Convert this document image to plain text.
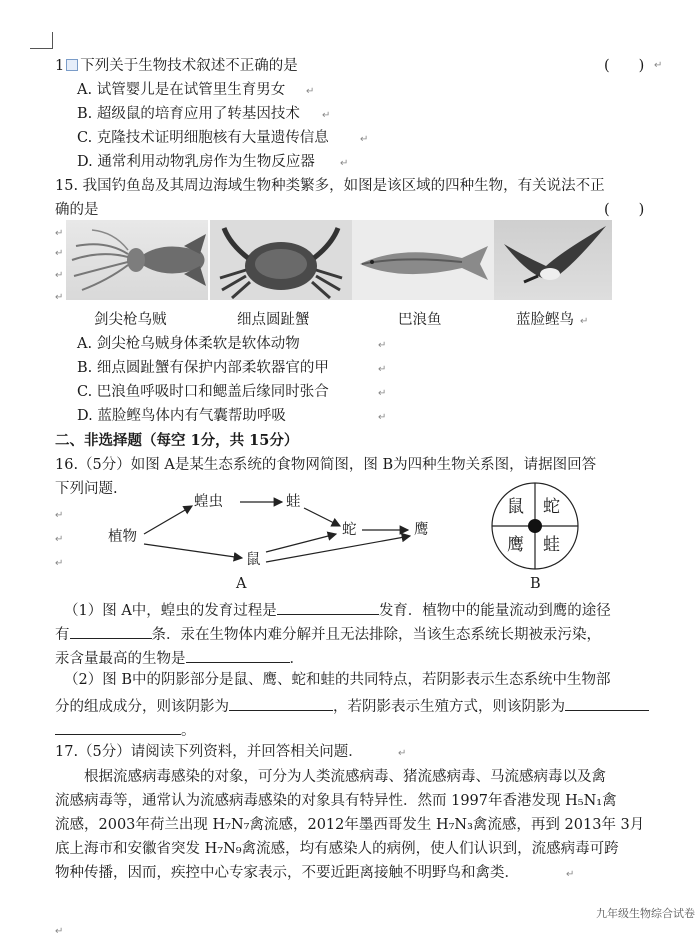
1 下列关于生物技术叙述不正确的是	(　　) ↵
A. 试管婴儿是在试管里生育男女
B. 超级鼠的培育应用了转基因技术
C. 克隆技术证明细胞核有大量遗传信息
D. 通常利用动物乳房作为生物反应器
↵
↵
↵
↵
15. 我国钓鱼岛及其周边海域生物种类繁多，如图是该区域的四种生物，有关说法不正
确的是	(　　)
↵
↵
↵
↵
剑尖枪乌贼	细点圆趾蟹	巴浪鱼	蓝脸鲣鸟 ↵
A. 剑尖枪乌贼身体柔软是软体动物
B. 细点圆趾蟹有保护内部柔软器官的甲
C. 巴浪鱼呼吸时口和鳃盖后缘同时张合
D. 蓝脸鲣鸟体内有气囊帮助呼吸
↵
↵
↵
↵
二、非选择题（每空 1分，共 15分）
16.（5分）如图 A是某生态系统的食物网简图，图 B为四种生物关系图，请据图回答
下列问题.
↵
↵
↵
植物
蝗虫	蛙
蛇	鹰
鼠
A
鼠 蛇
鹰 蛙
B
（1）图 A中，蝗虫的发育过程是	发育．植物中的能量流动到鹰的途径
有	条．汞在生物体内难分解并且无法排除，当该生态系统长期被汞污染，
汞含量最高的生物是	．
（2）图 B中的阴影部分是鼠、鹰、蛇和蛙的共同特点，若阴影表示生态系统中生物部
分的组成成分，则该阴影为	，若阴影表示生殖方式，则该阴影为
。
17.（5分）请阅读下列资料，并回答相关问题．	↵
根据流感病毒感染的对象，可分为人类流感病毒、猪流感病毒、马流感病毒以及禽
流感病毒等，通常认为流感病毒感染的对象具有特异性．然而 1997年香港发现 H₅N₁禽
流感，2003年荷兰出现 H₇N₇禽流感，2012年墨西哥发生 H₇N₃禽流感，再到 2013年 3月
底上海市和安徽省突发 H₇N₉禽流感，均有感染人的病例，使人们认识到，流感病毒可跨
物种传播，因而，疾控中心专家表示，不要近距离接触不明野鸟和禽类．	↵
九年级生物综合试卷
↵
